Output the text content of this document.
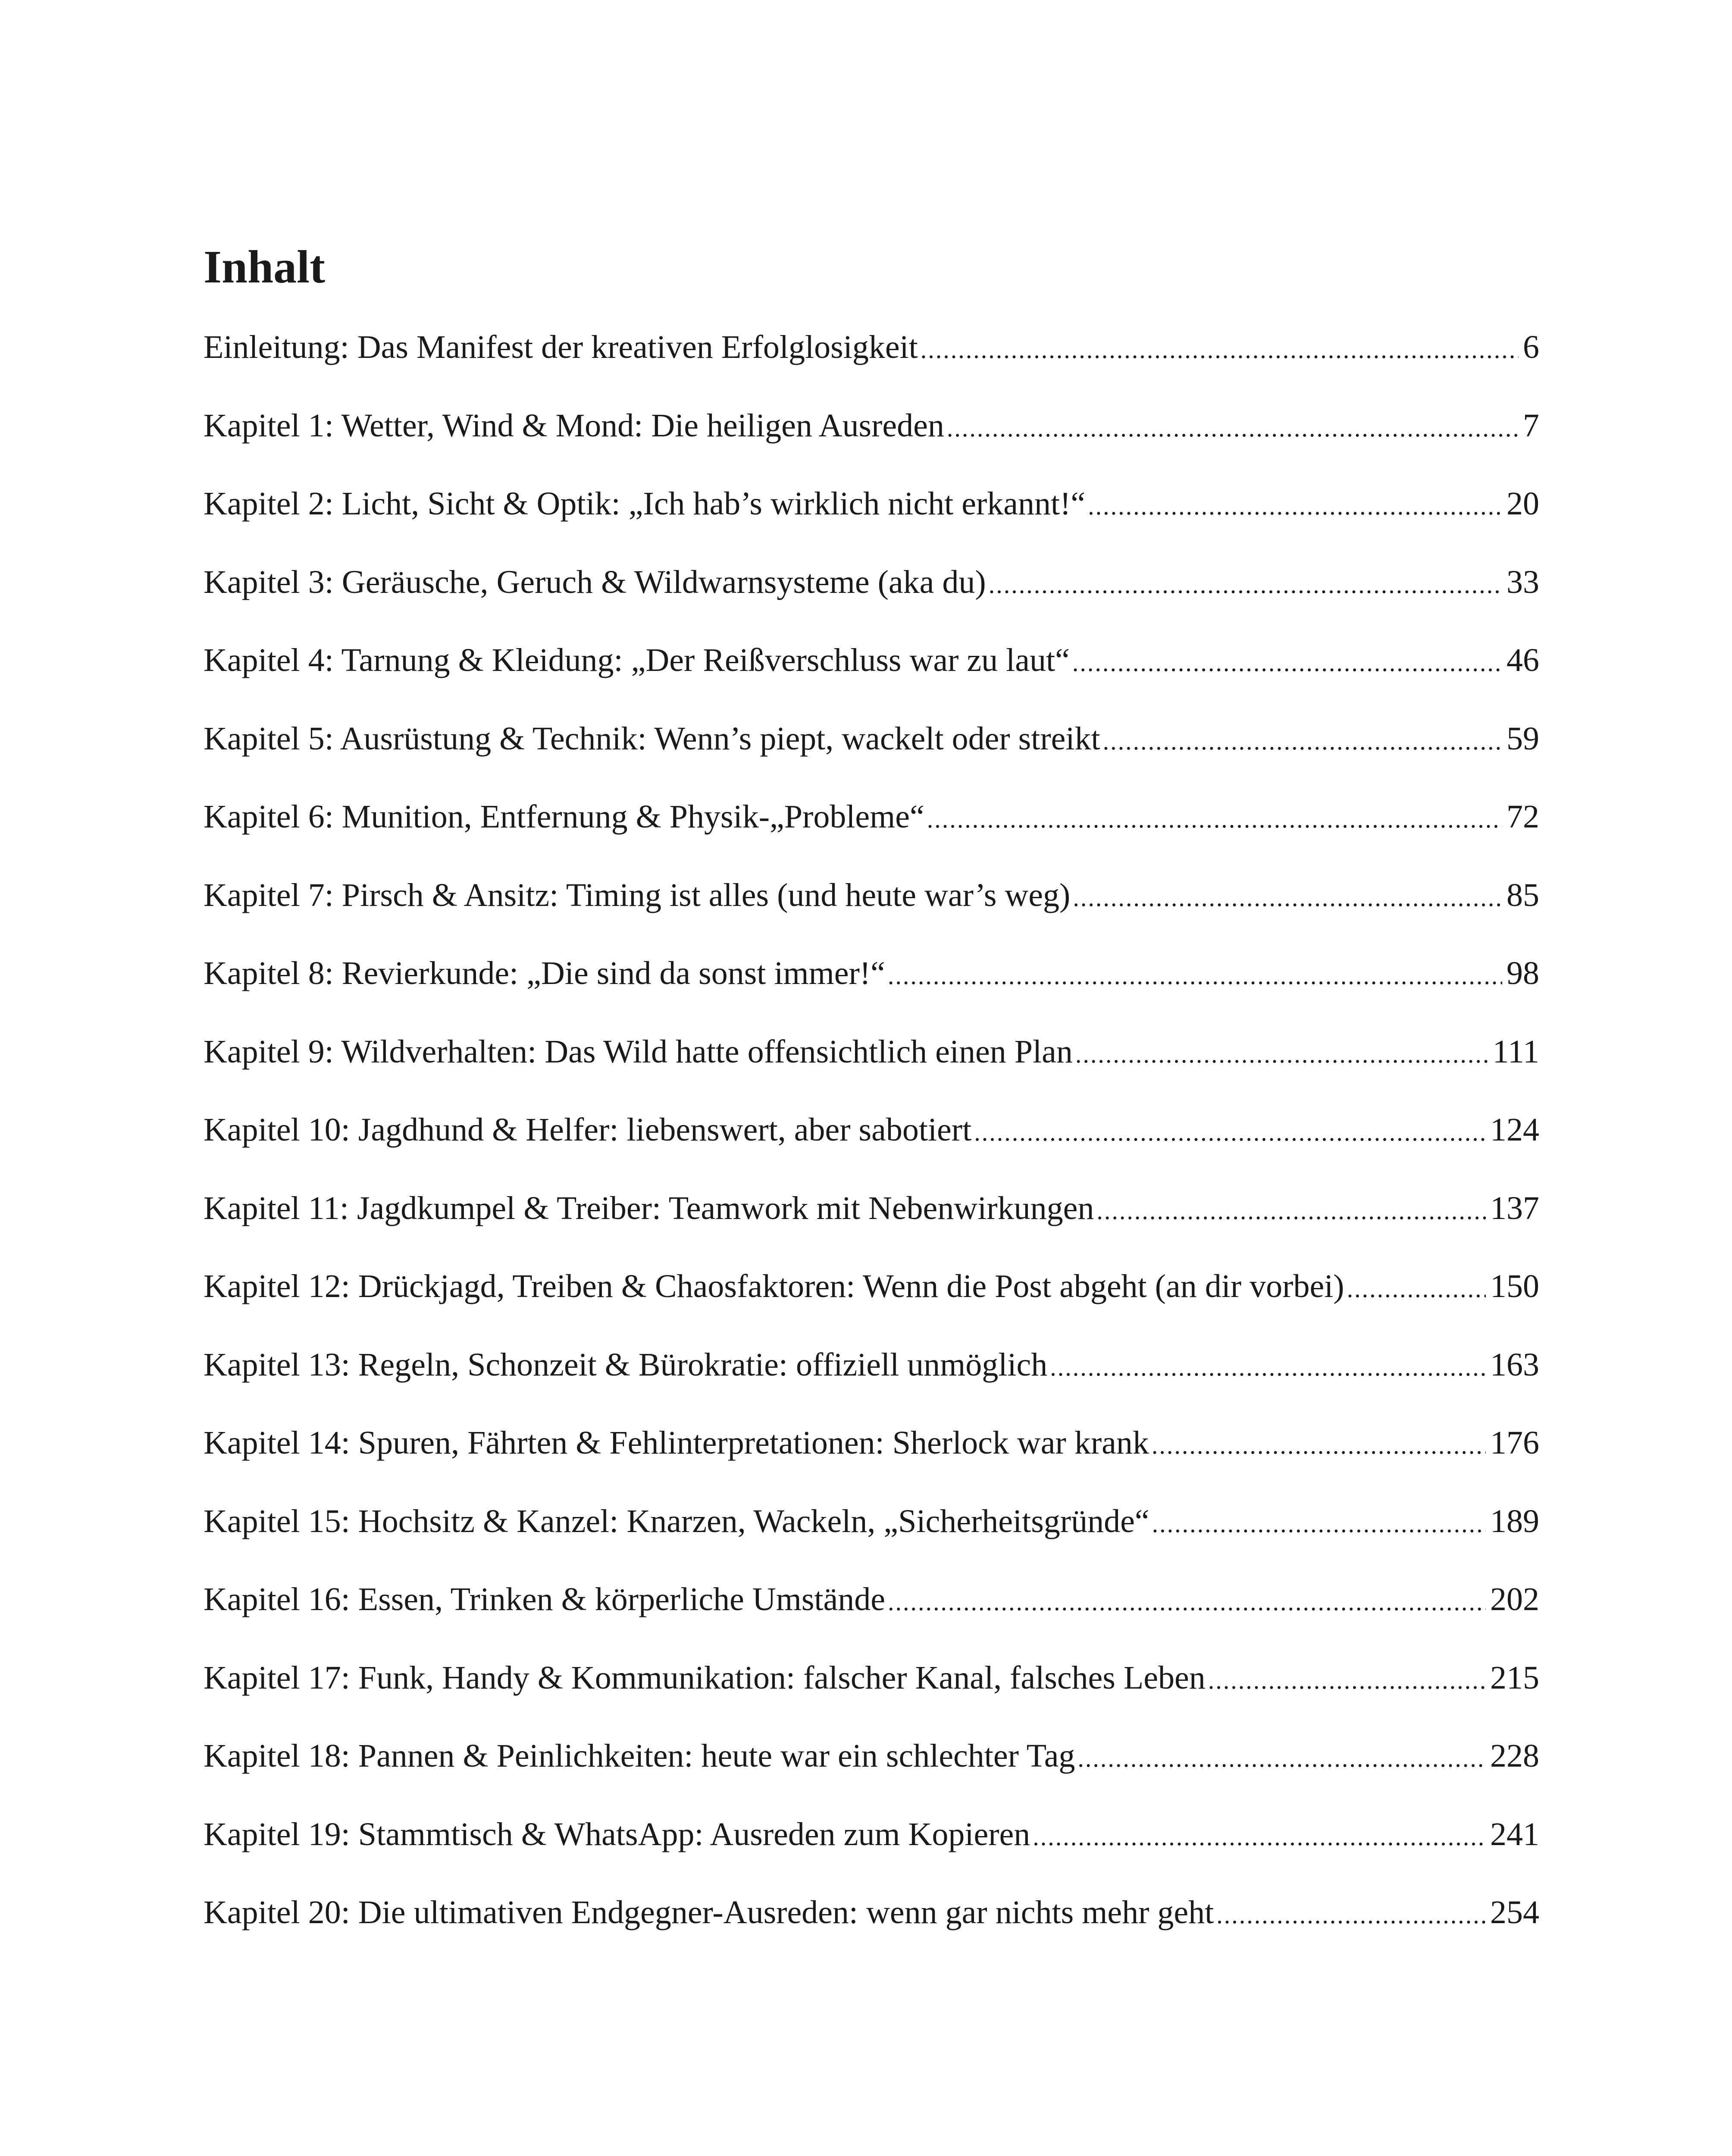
Inhalt
Einleitung: Das Manifest der kreativen Erfolglosigkeit .....	6
Kapitel 1: Wetter, Wind & Mond: Die heiligen Ausreden .....	7
Kapitel 2: Licht, Sicht & Optik: „Ich hab’s wirklich nicht erkannt!“ .....	20
Kapitel 3: Geräusche, Geruch & Wildwarnsysteme (aka du) .....	33
Kapitel 4: Tarnung & Kleidung: „Der Reißverschluss war zu laut“ .....	46
Kapitel 5: Ausrüstung & Technik: Wenn’s piept, wackelt oder streikt .....	59
Kapitel 6: Munition, Entfernung & Physik-„Probleme“ .....	72
Kapitel 7: Pirsch & Ansitz: Timing ist alles (und heute war’s weg) .....	85
Kapitel 8: Revierkunde: „Die sind da sonst immer!“ .....	98
Kapitel 9: Wildverhalten: Das Wild hatte offensichtlich einen Plan .....	111
Kapitel 10: Jagdhund & Helfer: liebenswert, aber sabotiert .....	124
Kapitel 11: Jagdkumpel & Treiber: Teamwork mit Nebenwirkungen .....	137
Kapitel 12: Drückjagd, Treiben & Chaosfaktoren: Wenn die Post abgeht (an dir vorbei) .....	150
Kapitel 13: Regeln, Schonzeit & Bürokratie: offiziell unmöglich .....	163
Kapitel 14: Spuren, Fährten & Fehlinterpretationen: Sherlock war krank .....	176
Kapitel 15: Hochsitz & Kanzel: Knarzen, Wackeln, „Sicherheitsgründe“ .....	189
Kapitel 16: Essen, Trinken & körperliche Umstände .....	202
Kapitel 17: Funk, Handy & Kommunikation: falscher Kanal, falsches Leben .....	215
Kapitel 18: Pannen & Peinlichkeiten: heute war ein schlechter Tag .....	228
Kapitel 19: Stammtisch & WhatsApp: Ausreden zum Kopieren .....	241
Kapitel 20: Die ultimativen Endgegner-Ausreden: wenn gar nichts mehr geht .....	254
